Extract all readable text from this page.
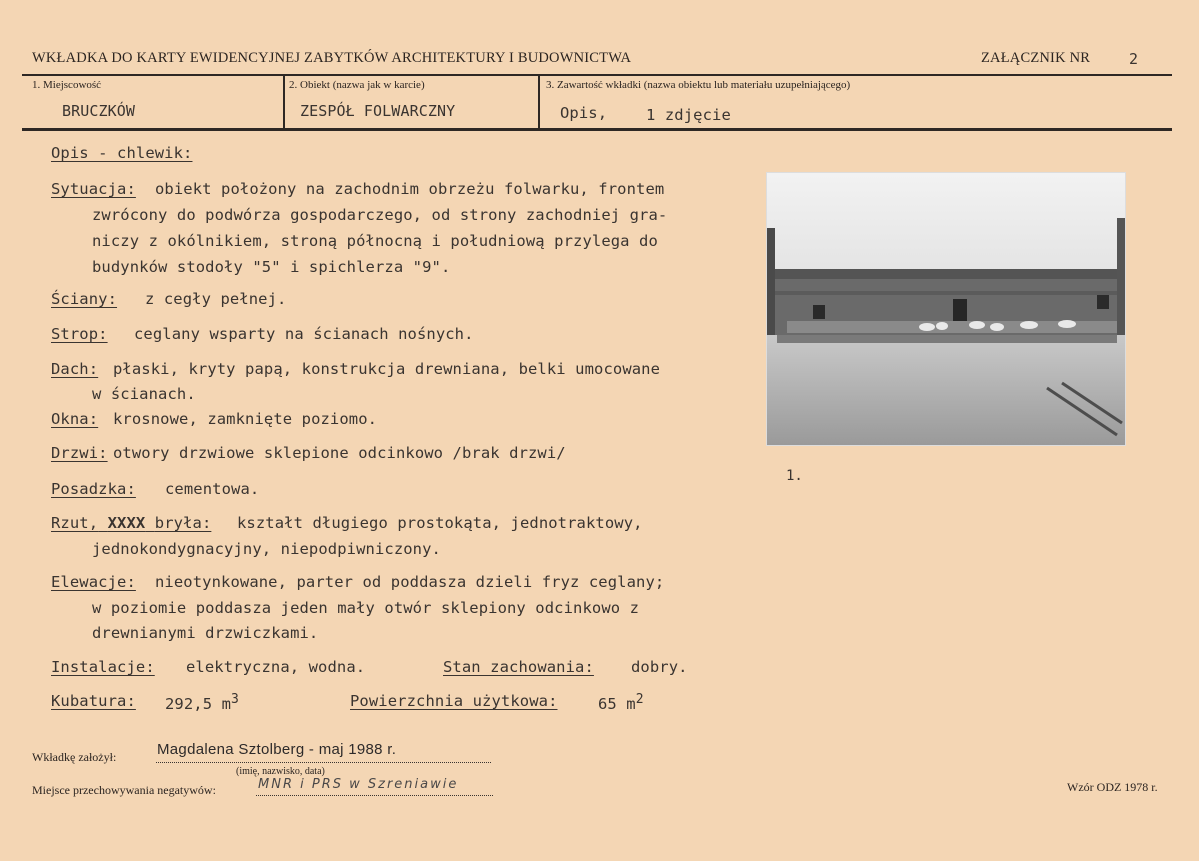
WKŁADKA DO KARTY EWIDENCYJNEJ ZABYTKÓW ARCHITEKTURY I BUDOWNICTWA	ZAŁĄCZNIK NR	2
1. Miejscowość
BRUCZKÓW
2. Obiekt (nazwa jak w karcie)
ZESPÓŁ FOLWARCZNY
3. Zawartość wkładki (nazwa obiektu lub materiału uzupełniającego)
Opis,	1 zdjęcie
Opis - chlewik:
Sytuacja: obiekt położony na zachodnim obrzeżu folwarku, frontem
zwrócony do podwórza gospodarczego, od strony zachodniej gra-
niczy z okólnikiem, stroną północną i południową przylega do
budynków stodoły "5" i spichlerza "9".
Ściany: z cegły pełnej.
Strop: ceglany wsparty na ścianach nośnych.
Dach: płaski, kryty papą, konstrukcja drewniana, belki umocowane
w ścianach.
Okna: krosnowe, zamknięte poziomo.
Drzwi: otwory drzwiowe sklepione odcinkowo /brak drzwi/
Posadzka: cementowa.
Rzut, XXXX bryła: kształt długiego prostokąta, jednotraktowy,
jednokondygnacyjny, niepodpiwniczony.
Elewacje: nieotynkowane, parter od poddasza dzieli fryz ceglany;
w poziomie poddasza jeden mały otwór sklepiony odcinkowo z
drewnianymi drzwiczkami.
Instalacje: elektryczna, wodna.	Stan zachowania: dobry.
Kubatura: 292,5 $m^3$	Powierzchnia użytkowa:	65 $m^2$
1.
Wkładkę założył:	Magdalena Sztolberg - maj 1988 r.
(imię, nazwisko, data)
Miejsce przechowywania negatywów:	MNR i PRS w Szreniawie	Wzór ODZ 1978 r.
